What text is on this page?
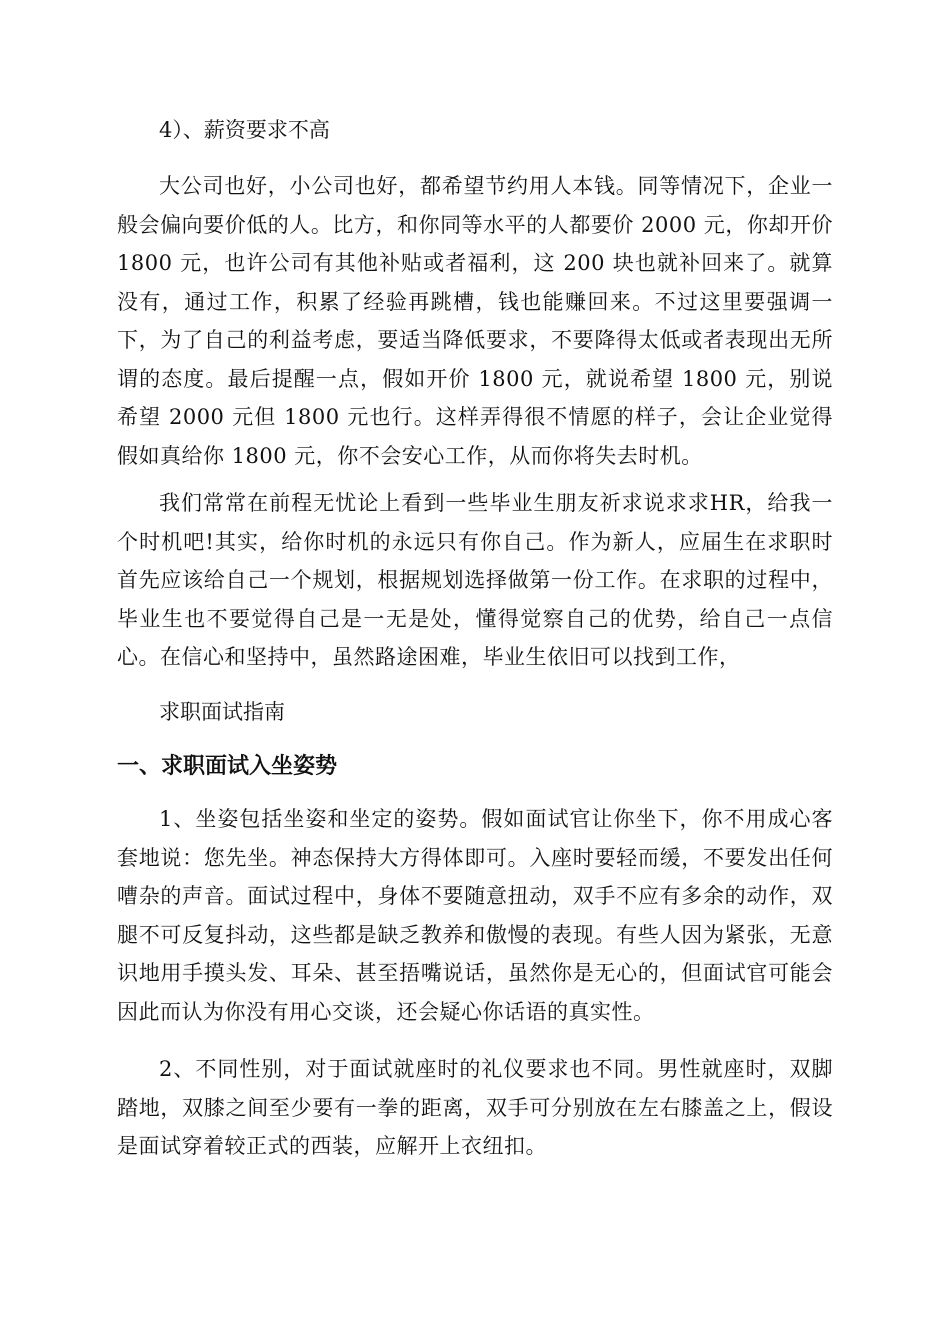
4）、薪资要求不高

大公司也好，小公司也好，都希望节约用人本钱。同等情况下，企业一般会偏向要价低的人。比方，和你同等水平的人都要价 2000 元，你却开价 1800 元，也许公司有其他补贴或者福利，这 200 块也就补回来了。就算没有，通过工作，积累了经验再跳槽，钱也能赚回来。不过这里要强调一下，为了自己的利益考虑，要适当降低要求，不要降得太低或者表现出无所谓的态度。最后提醒一点，假如开价 1800 元，就说希望 1800 元，别说希望 2000 元但 1800 元也行。这样弄得很不情愿的样子，会让企业觉得假如真给你 1800 元，你不会安心工作，从而你将失去时机。

我们常常在前程无忧论上看到一些毕业生朋友祈求说求求HR，给我一个时机吧!其实，给你时机的永远只有你自己。作为新人，应届生在求职时首先应该给自己一个规划，根据规划选择做第一份工作。在求职的过程中，毕业生也不要觉得自己是一无是处，懂得觉察自己的优势，给自己一点信心。在信心和坚持中，虽然路途困难，毕业生依旧可以找到工作，

求职面试指南

一、求职面试入坐姿势

1、坐姿包括坐姿和坐定的姿势。假如面试官让你坐下，你不用成心客套地说：您先坐。神态保持大方得体即可。入座时要轻而缓，不要发出任何嘈杂的声音。面试过程中，身体不要随意扭动，双手不应有多余的动作，双腿不可反复抖动，这些都是缺乏教养和傲慢的表现。有些人因为紧张，无意识地用手摸头发、耳朵、甚至捂嘴说话，虽然你是无心的，但面试官可能会因此而认为你没有用心交谈，还会疑心你话语的真实性。

2、不同性别，对于面试就座时的礼仪要求也不同。男性就座时，双脚踏地，双膝之间至少要有一拳的距离，双手可分别放在左右膝盖之上，假设是面试穿着较正式的西装，应解开上衣纽扣。
